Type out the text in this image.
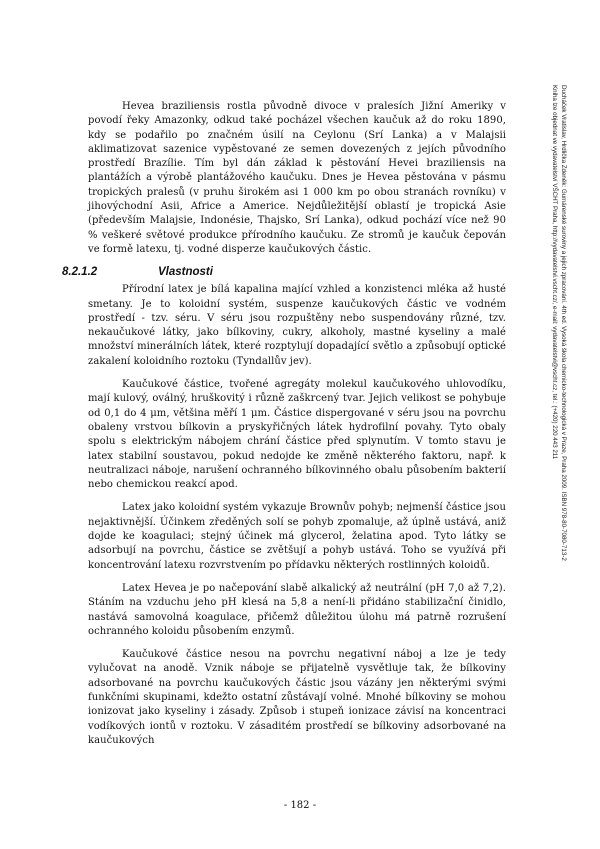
Hevea braziliensis rostla původně divoce v pralesích Jižní Ameriky v povodí řeky Amazonky, odkud také pocházel všechen kaučuk až do roku 1890, kdy se podařilo po značném úsilí na Ceylonu (Srí Lanka) a v Malajsii aklimatizovat sazenice vypěstované ze semen dovezených z jejích původního prostředí Brazílie. Tím byl dán základ k pěstování Hevei braziliensis na plantážích a výrobě plantážového kaučuku. Dnes je Hevea pěstována v pásmu tropických pralesů (v pruhu širokém asi 1 000 km po obou stranách rovníku) v jihovýchodní Asii, Africe a Americe. Nejdůležitější oblastí je tropická Asie (především Malajsie, Indonésie, Thajsko, Srí Lanka), odkud pochází více než 90 % veškeré světové produkce přírodního kaučuku. Ze stromů je kaučuk čepován ve formě latexu, tj. vodné disperze kaučukových částic.

8.2.1.2	Vlastnosti

Přírodní latex je bílá kapalina mající vzhled a konzistenci mléka až husté smetany. Je to koloidní systém, suspenze kaučukových částic ve vodném prostředí - tzv. séru. V séru jsou rozpuštěny nebo suspendovány různé, tzv. nekaučukové látky, jako bílkoviny, cukry, alkoholy, mastné kyseliny a malé množství minerálních látek, které rozptylují dopadající světlo a způsobují optické zakalení koloidního roztoku (Tyndallův jev).

Kaučukové částice, tvořené agregáty molekul kaučukového uhlovodíku, mají kulový, oválný, hruškovitý i různě zaškrcený tvar. Jejich velikost se pohybuje od 0,1 do 4 μm, většina měří 1 μm. Částice dispergované v séru jsou na povrchu obaleny vrstvou bílkovin a pryskyřičných látek hydrofilní povahy. Tyto obaly spolu s elektrickým nábojem chrání částice před splynutím. V tomto stavu je latex stabilní soustavou, pokud nedojde ke změně některého faktoru, např. k neutralizaci náboje, narušení ochranného bílkovinného obalu působením bakterií nebo chemickou reakcí apod.

Latex jako koloidní systém vykazuje Brownův pohyb; nejmenší částice jsou nejaktivnější. Účinkem zředěných solí se pohyb zpomaluje, až úplně ustává, aniž dojde ke koagulaci; stejný účinek má glycerol, želatina apod. Tyto látky se adsorbují na povrchu, částice se zvětšují a pohyb ustává. Toho se využívá při koncentrování latexu rozvrstvením po přídavku některých rostlinných koloidů.

Latex Hevea je po načepování slabě alkalický až neutrální (pH 7,0 až 7,2). Stáním na vzduchu jeho pH klesá na 5,8 a není-li přidáno stabilizační činidlo, nastává samovolná koagulace, přičemž důležitou úlohu má patrně rozrušení ochranného koloidu působením enzymů.

Kaučukové částice nesou na povrchu negativní náboj a lze je tedy vylučovat na anodě. Vznik náboje se přijatelně vysvětluje tak, že bílkoviny adsorbované na povrchu kaučukových částic jsou vázány jen některými svými funkčními skupinami, kdežto ostatní zůstávají volné. Mnohé bílkoviny se mohou ionizovat jako kyseliny i zásady. Způsob i stupeň ionizace závisí na koncentraci vodíkových iontů v roztoku. V zásaditém prostředí se bílkoviny adsorbované na kaučukových

- 182 -
Ducháček Vratislav, Hrdlička Zdeněk: Gumárenské suroviny a jejich zpracování. 4th ed. Vysoká škola chemicko-technologická v Praze, Praha 2009. ISBN 978-80-7080-713-2
Kniha lze objednat ve vydavatelství VŠCHT Praha, http://vydavatelstvi.vscht.cz/, e-mail: vydavatelstvi@vscht.cz, tel.: (+420) 220 443 211
